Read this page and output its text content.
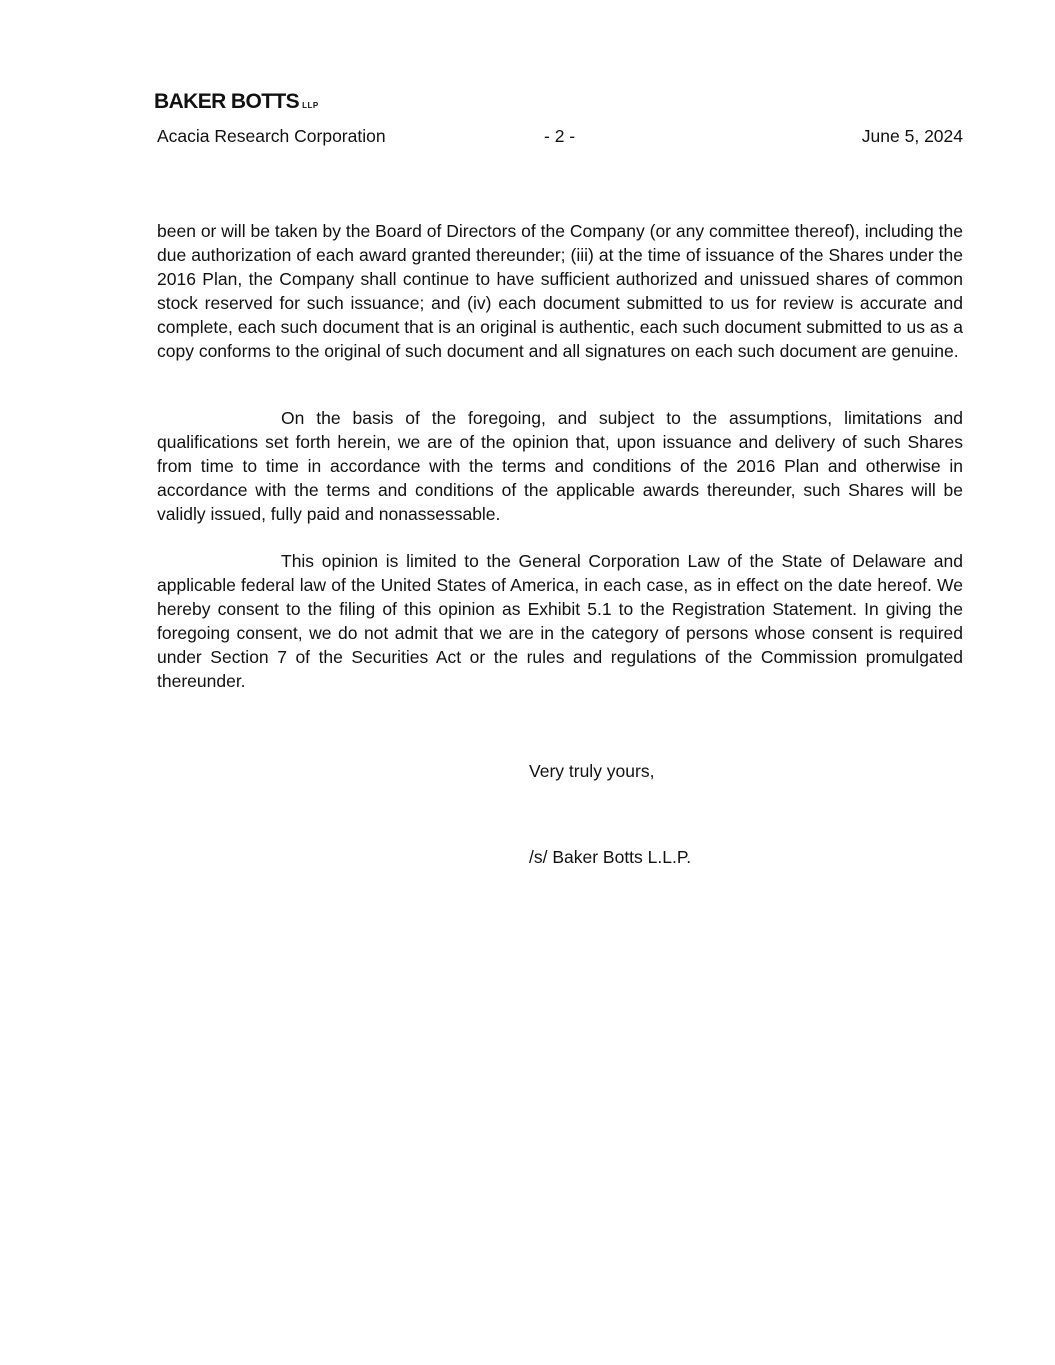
BAKER BOTTS LLP
Acacia Research Corporation	- 2 -	June 5, 2024

been or will be taken by the Board of Directors of the Company (or any committee thereof), including the due authorization of each award granted thereunder; (iii) at the time of issuance of the Shares under the 2016 Plan, the Company shall continue to have sufficient authorized and unissued shares of common stock reserved for such issuance; and (iv) each document submitted to us for review is accurate and complete, each such document that is an original is authentic, each such document submitted to us as a copy conforms to the original of such document and all signatures on each such document are genuine.

On the basis of the foregoing, and subject to the assumptions, limitations and qualifications set forth herein, we are of the opinion that, upon issuance and delivery of such Shares from time to time in accordance with the terms and conditions of the 2016 Plan and otherwise in accordance with the terms and conditions of the applicable awards thereunder, such Shares will be validly issued, fully paid and nonassessable.

This opinion is limited to the General Corporation Law of the State of Delaware and applicable federal law of the United States of America, in each case, as in effect on the date hereof. We hereby consent to the filing of this opinion as Exhibit 5.1 to the Registration Statement. In giving the foregoing consent, we do not admit that we are in the category of persons whose consent is required under Section 7 of the Securities Act or the rules and regulations of the Commission promulgated thereunder.

Very truly yours,
/s/ Baker Botts L.L.P.
